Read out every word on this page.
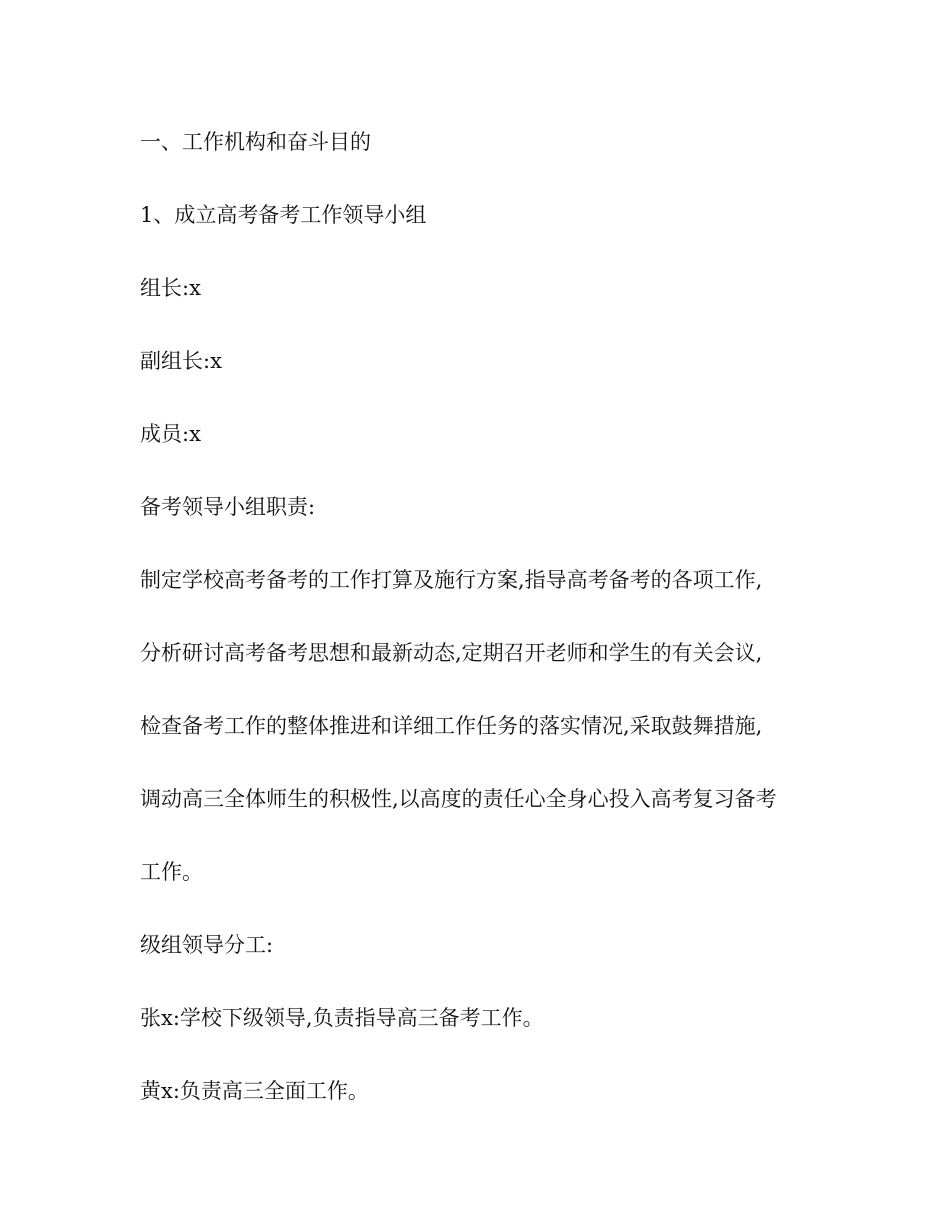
一、工作机构和奋斗目的
1、成立高考备考工作领导小组
组长:x
副组长:x
成员:x
备考领导小组职责:
制定学校高考备考的工作打算及施行方案,指导高考备考的各项工作,
分析研讨高考备考思想和最新动态,定期召开老师和学生的有关会议,
检查备考工作的整体推进和详细工作任务的落实情况,采取鼓舞措施,
调动高三全体师生的积极性,以高度的责任心全身心投入高考复习备考
工作。
级组领导分工:
张x:学校下级领导,负责指导高三备考工作。
黄x:负责高三全面工作。
